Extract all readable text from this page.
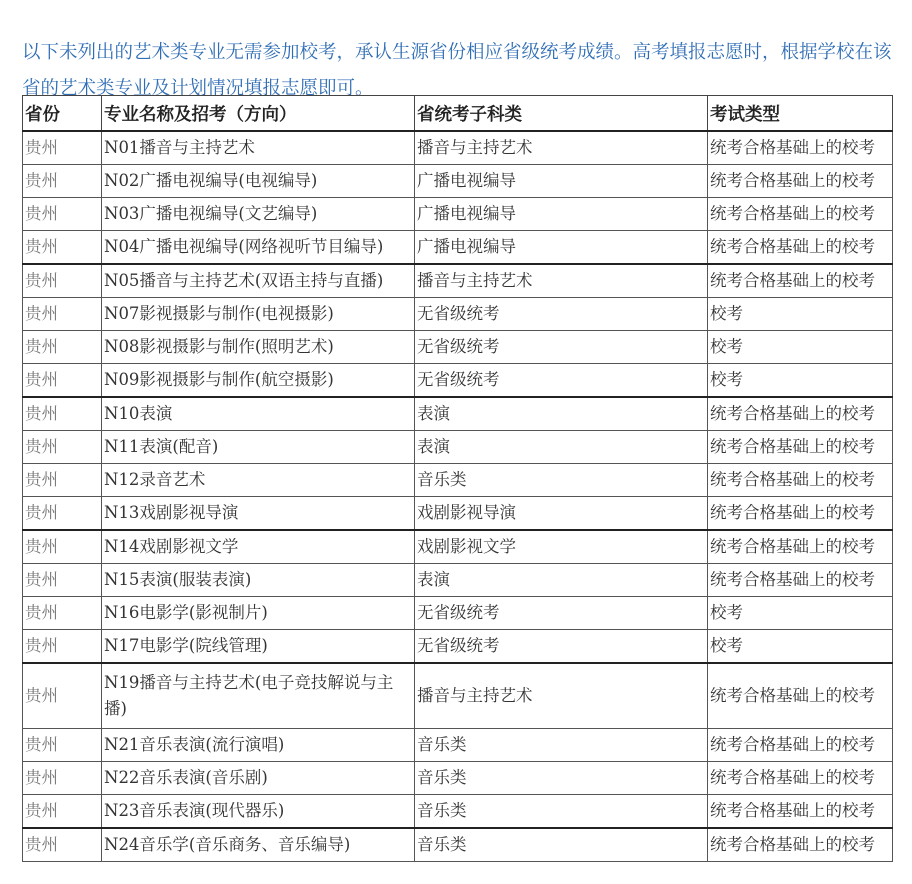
以下未列出的艺术类专业无需参加校考，承认生源省份相应省级统考成绩。高考填报志愿时，根据学校在该省的艺术类专业及计划情况填报志愿即可。

省份	专业名称及招考（方向）	省统考子科类	考试类型
贵州	N01播音与主持艺术	播音与主持艺术	统考合格基础上的校考
贵州	N02广播电视编导(电视编导)	广播电视编导	统考合格基础上的校考
贵州	N03广播电视编导(文艺编导)	广播电视编导	统考合格基础上的校考
贵州	N04广播电视编导(网络视听节目编导)	广播电视编导	统考合格基础上的校考
贵州	N05播音与主持艺术(双语主持与直播)	播音与主持艺术	统考合格基础上的校考
贵州	N07影视摄影与制作(电视摄影)	无省级统考	校考
贵州	N08影视摄影与制作(照明艺术)	无省级统考	校考
贵州	N09影视摄影与制作(航空摄影)	无省级统考	校考
贵州	N10表演	表演	统考合格基础上的校考
贵州	N11表演(配音)	表演	统考合格基础上的校考
贵州	N12录音艺术	音乐类	统考合格基础上的校考
贵州	N13戏剧影视导演	戏剧影视导演	统考合格基础上的校考
贵州	N14戏剧影视文学	戏剧影视文学	统考合格基础上的校考
贵州	N15表演(服装表演)	表演	统考合格基础上的校考
贵州	N16电影学(影视制片)	无省级统考	校考
贵州	N17电影学(院线管理)	无省级统考	校考
贵州	N19播音与主持艺术(电子竞技解说与主播)	播音与主持艺术	统考合格基础上的校考
贵州	N21音乐表演(流行演唱)	音乐类	统考合格基础上的校考
贵州	N22音乐表演(音乐剧)	音乐类	统考合格基础上的校考
贵州	N23音乐表演(现代器乐)	音乐类	统考合格基础上的校考
贵州	N24音乐学(音乐商务、音乐编导)	音乐类	统考合格基础上的校考
